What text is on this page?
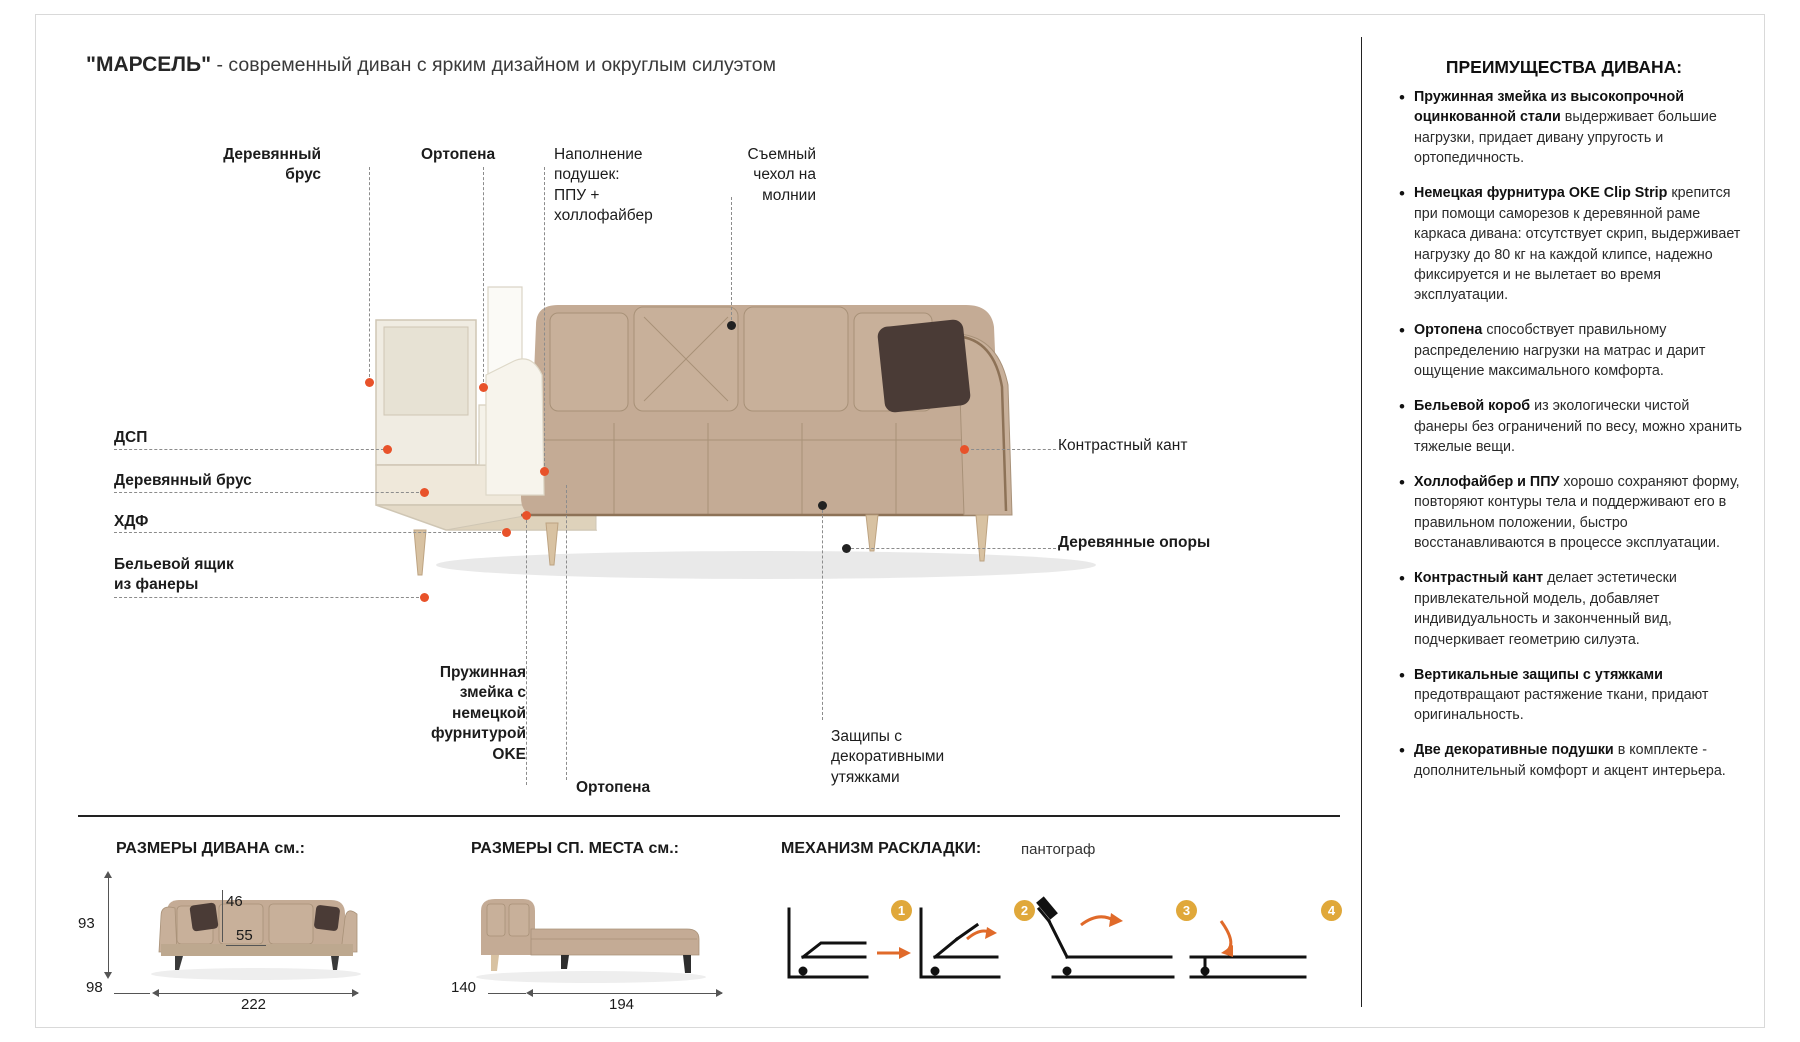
"МАРСЕЛЬ" - современный диван с ярким дизайном и округлым силуэтом
Деревянный
брус
Ортопена	Наполнение
подушек:
ППУ +
холлофайбер
Съемный
чехол на
молнии
ДСП
Деревянный брус
ХДФ
Бельевой ящик
из фанеры
Контрастный кант
Деревянные опоры
Пружинная
змейка с
немецкой
фурнитурой
OKE
Ортопена
Защипы с
декоративными
утяжками
РАЗМЕРЫ ДИВАНА см.:
93
46
55
98
222
РАЗМЕРЫ СП. МЕСТА см.:
140
194
МЕХАНИЗМ РАСКЛАДКИ:	пантограф
1	2	3	4
ПРЕИМУЩЕСТВА ДИВАНА:
• Пружинная змейка из высокопрочной оцинкованной стали выдерживает большие нагрузки, придает дивану упругость и ортопедичность.
• Немецкая фурнитура OKE Clip Strip крепится при помощи саморезов к деревянной раме каркаса дивана: отсутствует скрип, выдерживает нагрузку до 80 кг на каждой клипсе, надежно фиксируется и не вылетает во время эксплуатации.
• Ортопена способствует правильному распределению нагрузки на матрас и дарит ощущение максимального комфорта.
• Бельевой короб из экологически чистой фанеры без ограничений по весу, можно хранить тяжелые вещи.
• Холлофайбер и ППУ хорошо сохраняют форму, повторяют контуры тела и поддерживают его в правильном положении, быстро восстанавливаются в процессе эксплуатации.
• Контрастный кант делает эстетически привлекательной модель, добавляет индивидуальность и законченный вид, подчеркивает геометрию силуэта.
• Вертикальные защипы с утяжками предотвращают растяжение ткани, придают оригинальность.
• Две декоративные подушки в комплекте - дополнительный комфорт и акцент интерьера.
